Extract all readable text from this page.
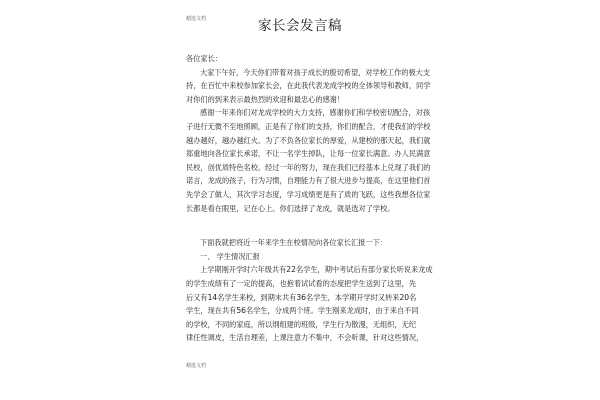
精选文档	家长会发言稿

各位家长：

大家下午好，今天你们带着对孩子成长的殷切希望，对学校工作的极大支

持，在百忙中来校参加家长会，在此我代表龙成学校的全体领导和教师，同学

对你们的到来表示最热烈的欢迎和最忠心的感谢！

感谢一年来你们对龙成学校的大力支持，感谢你们和学校密切配合，对孩

子进行无微不至地照顾，正是有了你们的支持，你们的配合，才使我们的学校

越办越好，越办越红火。为了不负各位家长的厚爱，从建校的那天起，我们就

郑重地向各位家长承诺，不让一名学生掉队，让每一位家长满意。办人民满意

民校，创优质特色名校。经过一年的努力，现在我们已经基本上兑现了我们的

诺言，龙成的孩子，行为习惯，自理能力有了很大进步与提高，在这里他们首

先学会了做人，其次学习态度，学习成绩更是有了质的飞跃，这些我想各位家

长都是看在眼里，记在心上。你们选择了龙成，就是选对了学校。

下面我就把将近一年来学生在校情况向各位家长汇报一下：

一、 学生情况汇报

上学期刚开学时六年级共有22名学生，期中考试后有部分家长听说来龙成

的学生成绩有了一定的提高，也抱着试试看的态度把学生送到了这里，先

后又有14名学生来校，到期末共有36名学生，本学期开学时又转来20名

学生，现在共有56名学生，分成两个班。学生刚来龙成时，由于来自不同

的学校，不同的家庭，所以纲组建的班级，学生行为散漫，无组织，无纪

律任性调皮，生活自理差，上课注意力不集中，不会听课，针对这些情况，

精选文档
